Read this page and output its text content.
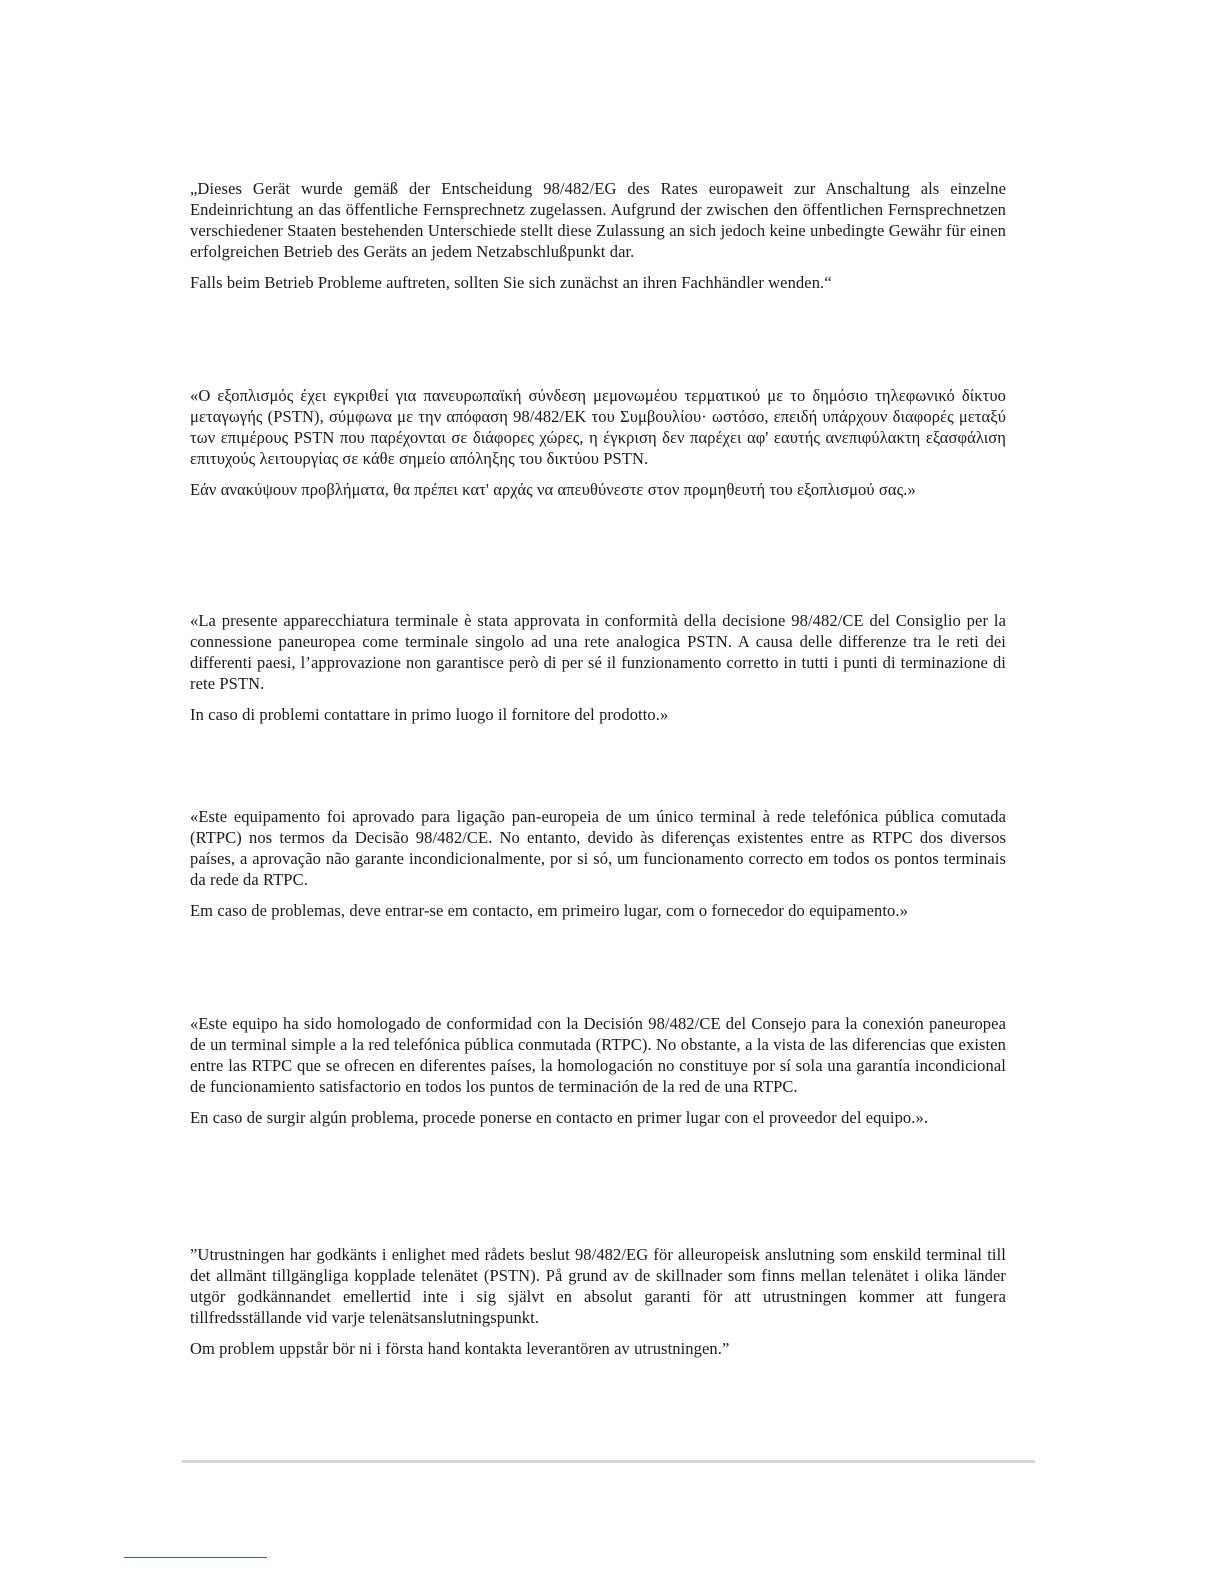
„Dieses Gerät wurde gemäß der Entscheidung 98/482/EG des Rates europaweit zur Anschaltung als einzelne Endeinrichtung an das öffentliche Fernsprechnetz zugelassen. Aufgrund der zwischen den öffentlichen Fernsprechnetzen verschiedener Staaten bestehenden Unterschiede stellt diese Zulassung an sich jedoch keine unbedingte Gewähr für einen erfolgreichen Betrieb des Geräts an jedem Netzabschlußpunkt dar.

Falls beim Betrieb Probleme auftreten, sollten Sie sich zunächst an ihren Fachhändler wenden.“

«Ο εξοπλισμός έχει εγκριθεί για πανευρωπαϊκή σύνδεση μεμονωμέου τερματικού με το δημόσιο τηλεφωνικό δίκτυο μεταγωγής (PSTN), σύμφωνα με την απόφαση 98/482/ΕΚ του Συμβουλίου· ωστόσο, επειδή υπάρχουν διαφορές μεταξύ των επιμέρους PSTN που παρέχονται σε διάφορες χώρες, η έγκριση δεν παρέχει αφ' εαυτής ανεπιφύλακτη εξασφάλιση επιτυχούς λειτουργίας σε κάθε σημείο απόληξης του δικτύου PSTN.

Εάν ανακύψουν προβλήματα, θα πρέπει κατ' αρχάς να απευθύνεστε στον προμηθευτή του εξοπλισμού σας.»

«La presente apparecchiatura terminale è stata approvata in conformità della decisione 98/482/CE del Consiglio per la connessione paneuropea come terminale singolo ad una rete analogica PSTN. A causa delle differenze tra le reti dei differenti paesi, l’approvazione non garantisce però di per sé il funzionamento corretto in tutti i punti di terminazione di rete PSTN.

In caso di problemi contattare in primo luogo il fornitore del prodotto.»

«Este equipamento foi aprovado para ligação pan-europeia de um único terminal à rede telefónica pública comutada (RTPC) nos termos da Decisão 98/482/CE. No entanto, devido às diferenças existentes entre as RTPC dos diversos países, a aprovação não garante incondicionalmente, por si só, um funcionamento correcto em todos os pontos terminais da rede da RTPC.

Em caso de problemas, deve entrar-se em contacto, em primeiro lugar, com o fornecedor do equipamento.»

«Este equipo ha sido homologado de conformidad con la Decisión 98/482/CE del Consejo para la conexión paneuropea de un terminal simple a la red telefónica pública conmutada (RTPC). No obstante, a la vista de las diferencias que existen entre las RTPC que se ofrecen en diferentes países, la homologación no constituye por sí sola una garantía incondicional de funcionamiento satisfactorio en todos los puntos de terminación de la red de una RTPC.

En caso de surgir algún problema, procede ponerse en contacto en primer lugar con el proveedor del equipo.».

”Utrustningen har godkänts i enlighet med rådets beslut 98/482/EG för alleuropeisk anslutning som enskild terminal till det allmänt tillgängliga kopplade telenätet (PSTN). På grund av de skillnader som finns mellan telenätet i olika länder utgör godkännandet emellertid inte i sig självt en absolut garanti för att utrustningen kommer att fungera tillfredsställande vid varje telenätsanslutningspunkt.

Om problem uppstår bör ni i första hand kontakta leverantören av utrustningen.”
